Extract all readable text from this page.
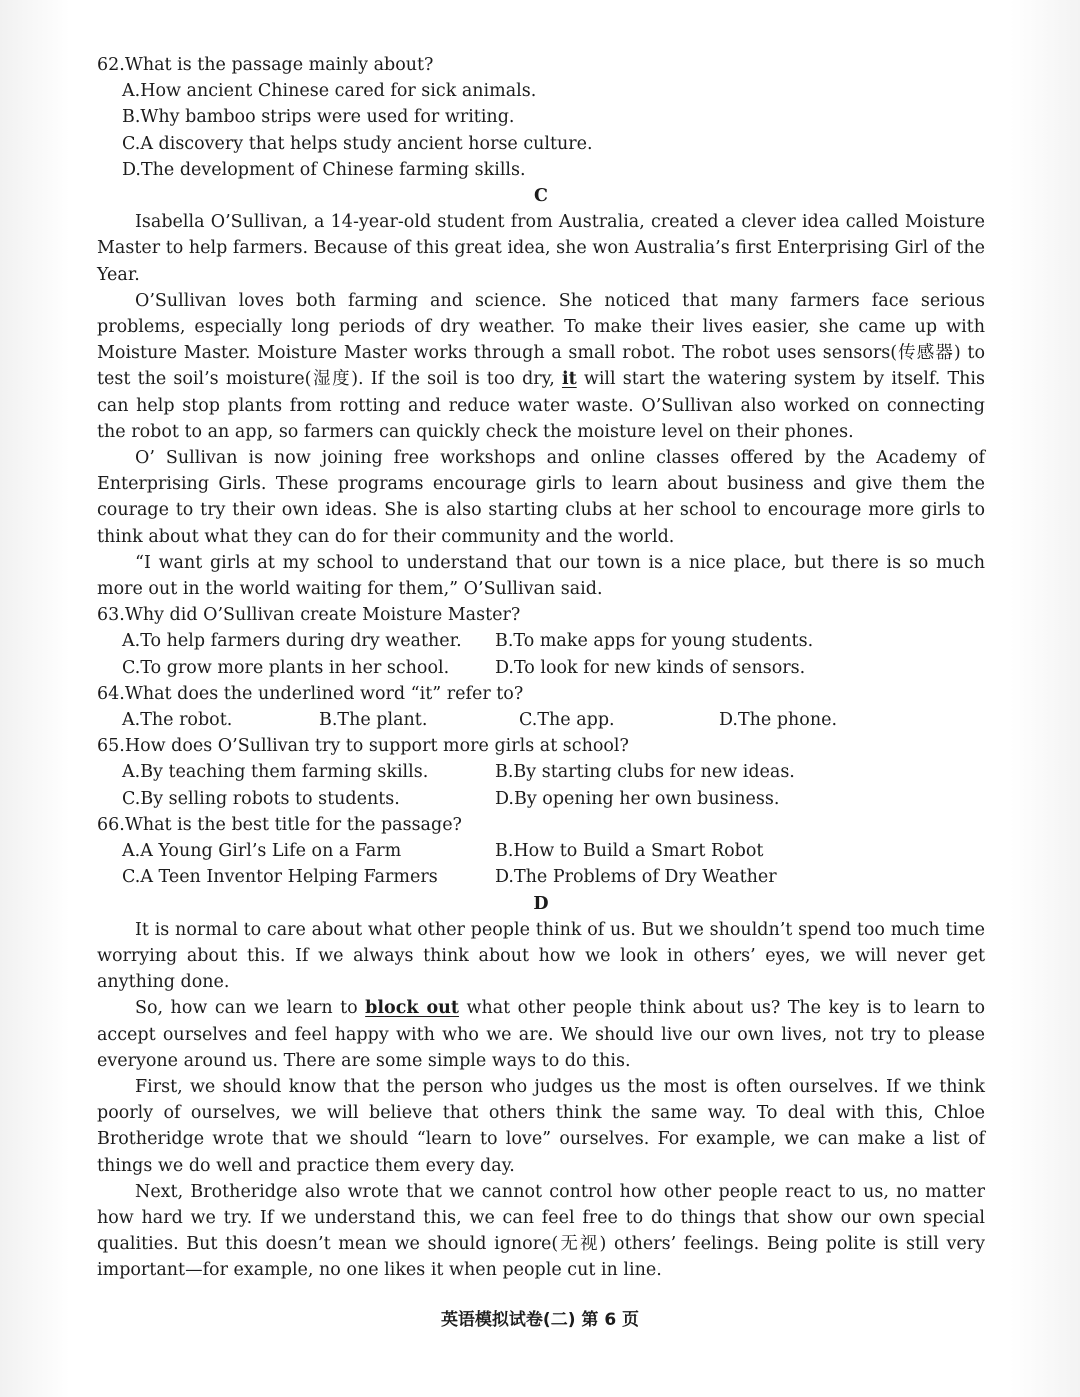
62.What is the passage mainly about?
A.How ancient Chinese cared for sick animals.
B.Why bamboo strips were used for writing.
C.A discovery that helps study ancient horse culture.
D.The development of Chinese farming skills.
C

Isabella O’Sullivan, a 14-year-old student from Australia, created a clever idea called Moisture Master to help farmers. Because of this great idea, she won Australia’s first Enterprising Girl of the Year.

O’Sullivan loves both farming and science. She noticed that many farmers face serious problems, especially long periods of dry weather. To make their lives easier, she came up with Moisture Master. Moisture Master works through a small robot. The robot uses sensors(传感器) to test the soil’s moisture(湿度). If the soil is too dry, it will start the watering system by itself. This can help stop plants from rotting and reduce water waste. O’Sullivan also worked on connecting the robot to an app, so farmers can quickly check the moisture level on their phones.

O’ Sullivan is now joining free workshops and online classes offered by the Academy of Enterprising Girls. These programs encourage girls to learn about business and give them the courage to try their own ideas. She is also starting clubs at her school to encourage more girls to think about what they can do for their community and the world.

“I want girls at my school to understand that our town is a nice place, but there is so much more out in the world waiting for them,” O’Sullivan said.

63.Why did O’Sullivan create Moisture Master?
A.To help farmers during dry weather.	B.To make apps for young students.
C.To grow more plants in her school.	D.To look for new kinds of sensors.
64.What does the underlined word “it” refer to?
A.The robot.	B.The plant.	C.The app.	D.The phone.
65.How does O’Sullivan try to support more girls at school?
A.By teaching them farming skills.	B.By starting clubs for new ideas.
C.By selling robots to students.	D.By opening her own business.
66.What is the best title for the passage?
A.A Young Girl’s Life on a Farm	B.How to Build a Smart Robot
C.A Teen Inventor Helping Farmers	D.The Problems of Dry Weather
D

It is normal to care about what other people think of us. But we shouldn’t spend too much time worrying about this. If we always think about how we look in others’ eyes, we will never get anything done.

So, how can we learn to block out what other people think about us? The key is to learn to accept ourselves and feel happy with who we are. We should live our own lives, not try to please everyone around us. There are some simple ways to do this.

First, we should know that the person who judges us the most is often ourselves. If we think poorly of ourselves, we will believe that others think the same way. To deal with this, Chloe Brotheridge wrote that we should “learn to love” ourselves. For example, we can make a list of things we do well and practice them every day.

Next, Brotheridge also wrote that we cannot control how other people react to us, no matter how hard we try. If we understand this, we can feel free to do things that show our own special qualities. But this doesn’t mean we should ignore(无视) others’ feelings. Being polite is still very important—for example, no one likes it when people cut in line.

英语模拟试卷(二) 第 6 页
